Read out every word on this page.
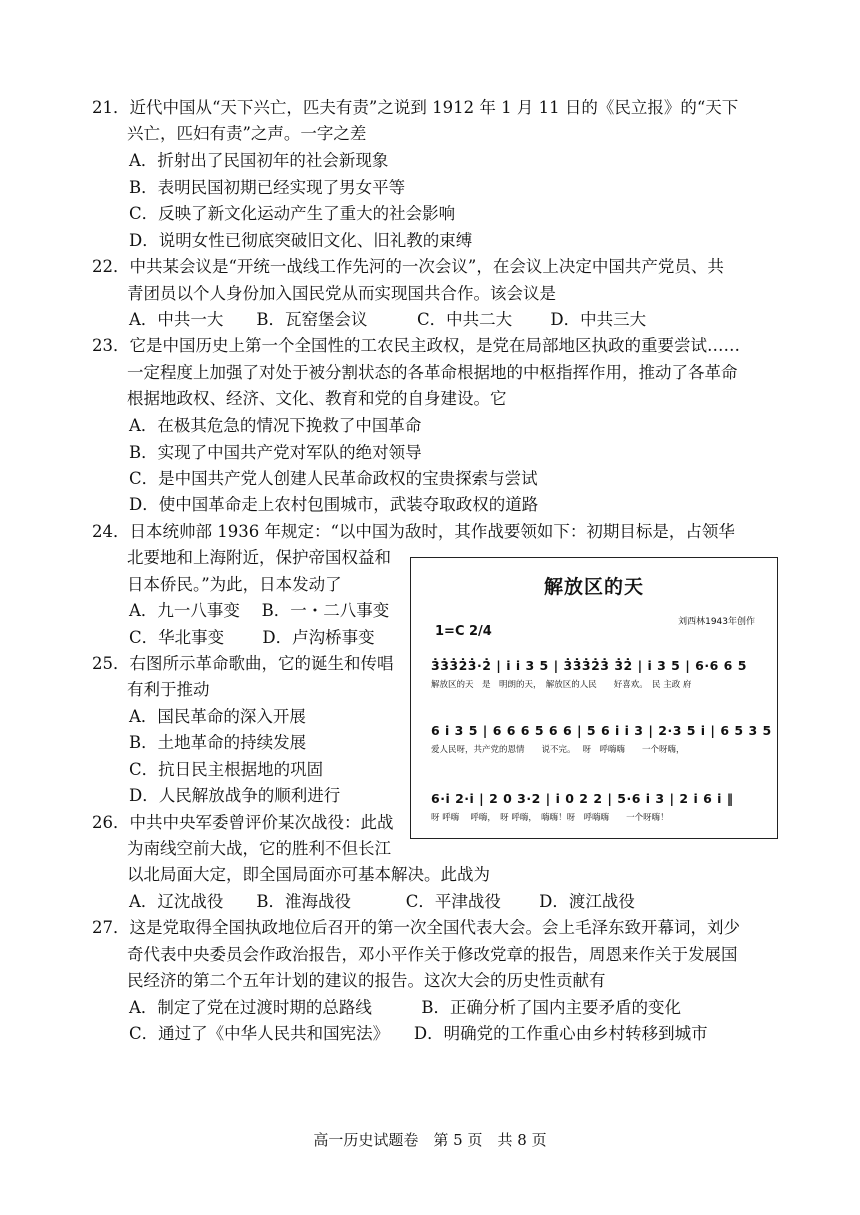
21．近代中国从“天下兴亡，匹夫有责”之说到 1912 年 1 月 11 日的《民立报》的“天下
兴亡，匹妇有责”之声。一字之差
A．折射出了民国初年的社会新现象
B．表明民国初期已经实现了男女平等
C．反映了新文化运动产生了重大的社会影响
D．说明女性已彻底突破旧文化、旧礼教的束缚
22．中共某会议是“开统一战线工作先河的一次会议”，在会议上决定中国共产党员、共
青团员以个人身份加入国民党从而实现国共合作。该会议是
A．中共一大　　B．瓦窑堡会议　　　C．中共二大　　 D．中共三大
23．它是中国历史上第一个全国性的工农民主政权，是党在局部地区执政的重要尝试……
一定程度上加强了对处于被分割状态的各革命根据地的中枢指挥作用，推动了各革命
根据地政权、经济、文化、教育和党的自身建设。它
A．在极其危急的情况下挽救了中国革命
B．实现了中国共产党对军队的绝对领导
C．是中国共产党人创建人民革命政权的宝贵探索与尝试
D．使中国革命走上农村包围城市，武装夺取政权的道路
24．日本统帅部 1936 年规定：“以中国为敌时，其作战要领如下：初期目标是，占领华
北要地和上海附近，保护帝国权益和
日本侨民。”为此，日本发动了
A．九一八事变　 B．一・二八事变
C．华北事变　　 D．卢沟桥事变
25．右图所示革命歌曲，它的诞生和传唱
有利于推动
A．国民革命的深入开展
B．土地革命的持续发展
C．抗日民主根据地的巩固
D．人民解放战争的顺利进行
26．中共中央军委曾评价某次战役：此战
为南线空前大战，它的胜利不但长江
以北局面大定，即全国局面亦可基本解决。此战为
A．辽沈战役　　B．淮海战役　　　 C．平津战役　　 D．渡江战役
27．这是党取得全国执政地位后召开的第一次全国代表大会。会上毛泽东致开幕词，刘少
奇代表中央委员会作政治报告，邓小平作关于修改党章的报告，周恩来作关于发展国
民经济的第二个五年计划的建议的报告。这次大会的历史性贡献有
A．制定了党在过渡时期的总路线　　　B．正确分析了国内主要矛盾的变化
C．通过了《中华人民共和国宪法》　　D．明确党的工作重心由乡村转移到城市
解放区的天
刘西林1943年创作
1=C 2/4
3̇3̇3̇2̇3̇·2̇ | i i 3 5 | 3̇3̇3̇2̇3̇ 3̇2̇ | i 3 5 | 6·6 6 5
解放区的天　是　明朗的天，　解放区的人民　　好喜欢。　民 主政 府
6 i 3 5 | 6 6 6 5 6 6 | 5 6 i i 3 | 2·3 5 i | 6 5 3 5
爱人民呀，共产党的恩情　　说不完。　 呀　呼嗨嗨　　一个呀嗨，
6·i 2·i | 2 0 3·2 | i 0 2 2 | 5·6 i 3 | 2 i 6 i ‖
呀 呼嗨　 呼嗨，　呀 呼嗨，　嗨嗨！呀　呼嗨嗨　　一个呀嗨！
高一历史试题卷　第 5 页　共 8 页
